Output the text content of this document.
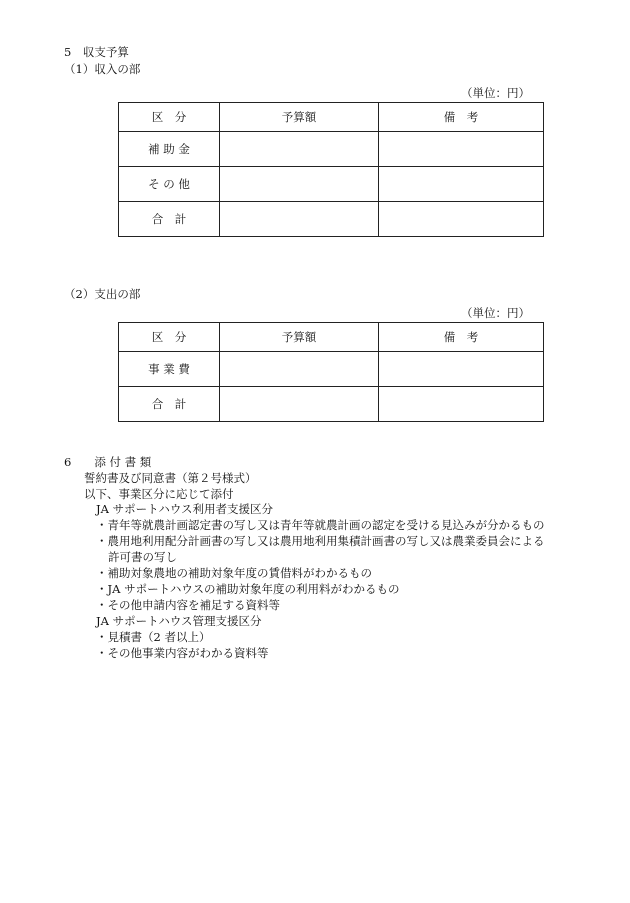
5　収支予算
（1）収入の部
（単位：円）
区　分	予算額	備　考
補 助 金		
そ の 他		
合　計		
（2）支出の部
（単位：円）
区　分	予算額	備　考
事 業 費		
合　計		
6　　添 付 書 類
誓約書及び同意書（第２号様式）
以下、事業区分に応じて添付
JA サポートハウス利用者支援区分
・青年等就農計画認定書の写し又は青年等就農計画の認定を受ける見込みが分かるもの
・農用地利用配分計画書の写し又は農用地利用集積計画書の写し又は農業委員会による
許可書の写し
・補助対象農地の補助対象年度の賃借料がわかるもの
・JA サポートハウスの補助対象年度の利用料がわかるもの
・その他申請内容を補足する資料等
JA サポートハウス管理支援区分
・見積書（2 者以上）
・その他事業内容がわかる資料等
